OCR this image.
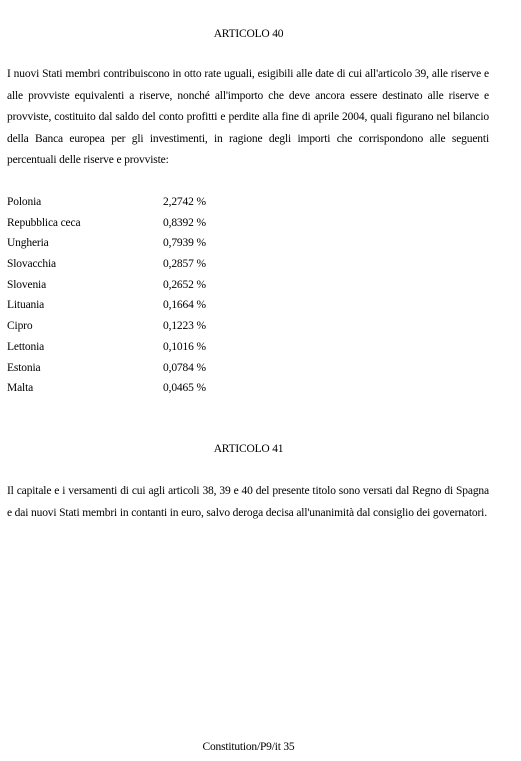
ARTICOLO 40

I nuovi Stati membri contribuiscono in otto rate uguali, esigibili alle date di cui all'articolo 39, alle riserve e alle provviste equivalenti a riserve, nonché all'importo che deve ancora essere destinato alle riserve e provviste, costituito dal saldo del conto profitti e perdite alla fine di aprile 2004, quali figurano nel bilancio della Banca europea per gli investimenti, in ragione degli importi che corrispondono alle seguenti percentuali delle riserve e provviste:

Polonia	2,2742 %
Repubblica ceca	0,8392 %
Ungheria	0,7939 %
Slovacchia	0,2857 %
Slovenia	0,2652 %
Lituania	0,1664 %
Cipro	0,1223 %
Lettonia	0,1016 %
Estonia	0,0784 %
Malta	0,0465 %
ARTICOLO 41

Il capitale e i versamenti di cui agli articoli 38, 39 e 40 del presente titolo sono versati dal Regno di Spagna e dai nuovi Stati membri in contanti in euro, salvo deroga decisa all'unanimità dal consiglio dei governatori.

Constitution/P9/it 35
